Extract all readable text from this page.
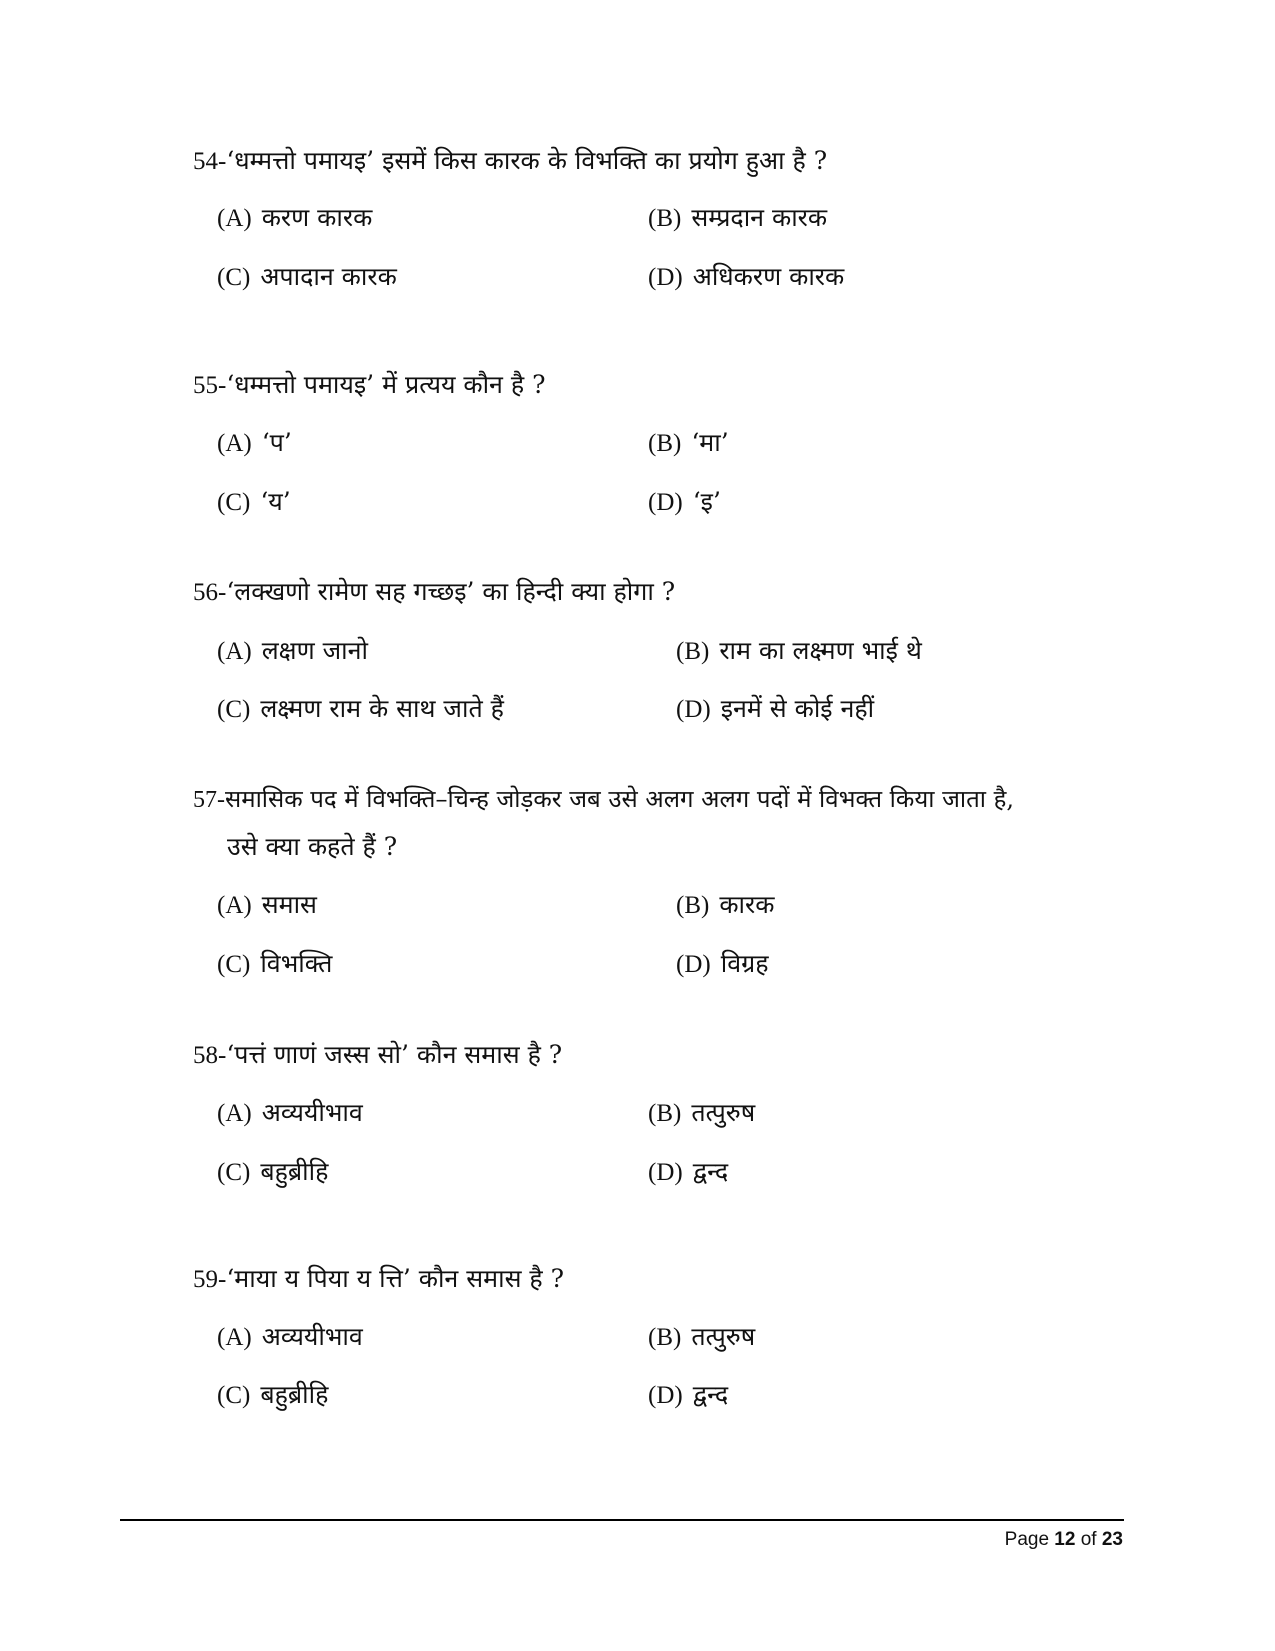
54-‘धम्मत्तो पमायइ’ इसमें किस कारक के विभक्ति का प्रयोग हुआ है ?
(A) करण कारक	(B) सम्प्रदान कारक
(C) अपादान कारक	(D) अधिकरण कारक
55-‘धम्मत्तो पमायइ’ में प्रत्यय कौन है ?
(A) ‘प’	(B) ‘मा’
(C) ‘य’	(D) ‘इ’
56-‘लक्खणो रामेण सह गच्छइ’ का हिन्दी क्या होगा ?
(A) लक्षण जानो	(B) राम का लक्ष्मण भाई थे
(C) लक्ष्मण राम के साथ जाते हैं	(D) इनमें से कोई नहीं
57-समासिक पद में विभक्ति–चिन्ह जोड़कर जब उसे अलग अलग पदों में विभक्त किया जाता है,
उसे क्या कहते हैं ?
(A) समास	(B) कारक
(C) विभक्ति	(D) विग्रह
58-‘पत्तं णाणं जस्स सो’ कौन समास है ?
(A) अव्ययीभाव	(B) तत्पुरुष
(C) बहुब्रीहि	(D) द्वन्द
59-‘माया य पिया य त्ति’ कौन समास है ?
(A) अव्ययीभाव	(B) तत्पुरुष
(C) बहुब्रीहि	(D) द्वन्द
Page 12 of 23
